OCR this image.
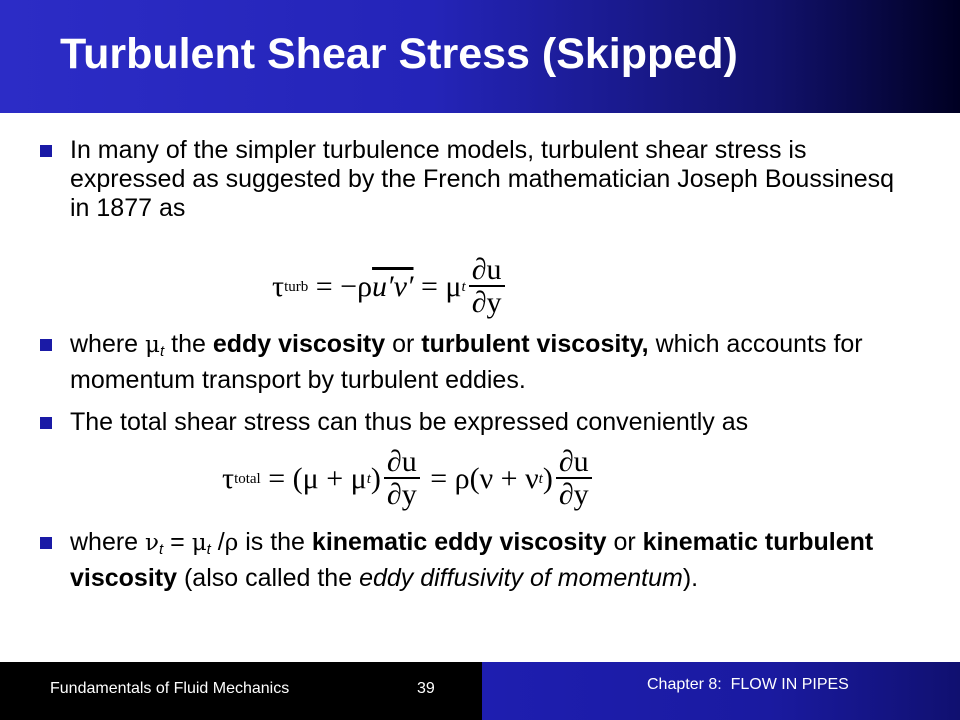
Turbulent Shear Stress (Skipped)
In many of the simpler turbulence models, turbulent shear stress is expressed as suggested by the French mathematician Joseph Boussinesq in 1877 as
τ turb = −ρ u′v′ = μ t $\frac{\partial u}{\partial y}$
where $\mu_t$ the eddy viscosity or turbulent viscosity, which accounts for momentum transport by turbulent eddies.
The total shear stress can thus be expressed conveniently as
τ total = (μ + μ t ) $\frac{\partial u}{\partial y} = \rho(\nu + \nu$ t ) $\frac{\partial u}{\partial y}$
where $\nu_t = \mu_t$ /ρ is the kinematic eddy viscosity or kinematic turbulent viscosity (also called the eddy diffusivity of momentum).
Fundamentals of Fluid Mechanics	39	Chapter 8:  FLOW IN PIPES
